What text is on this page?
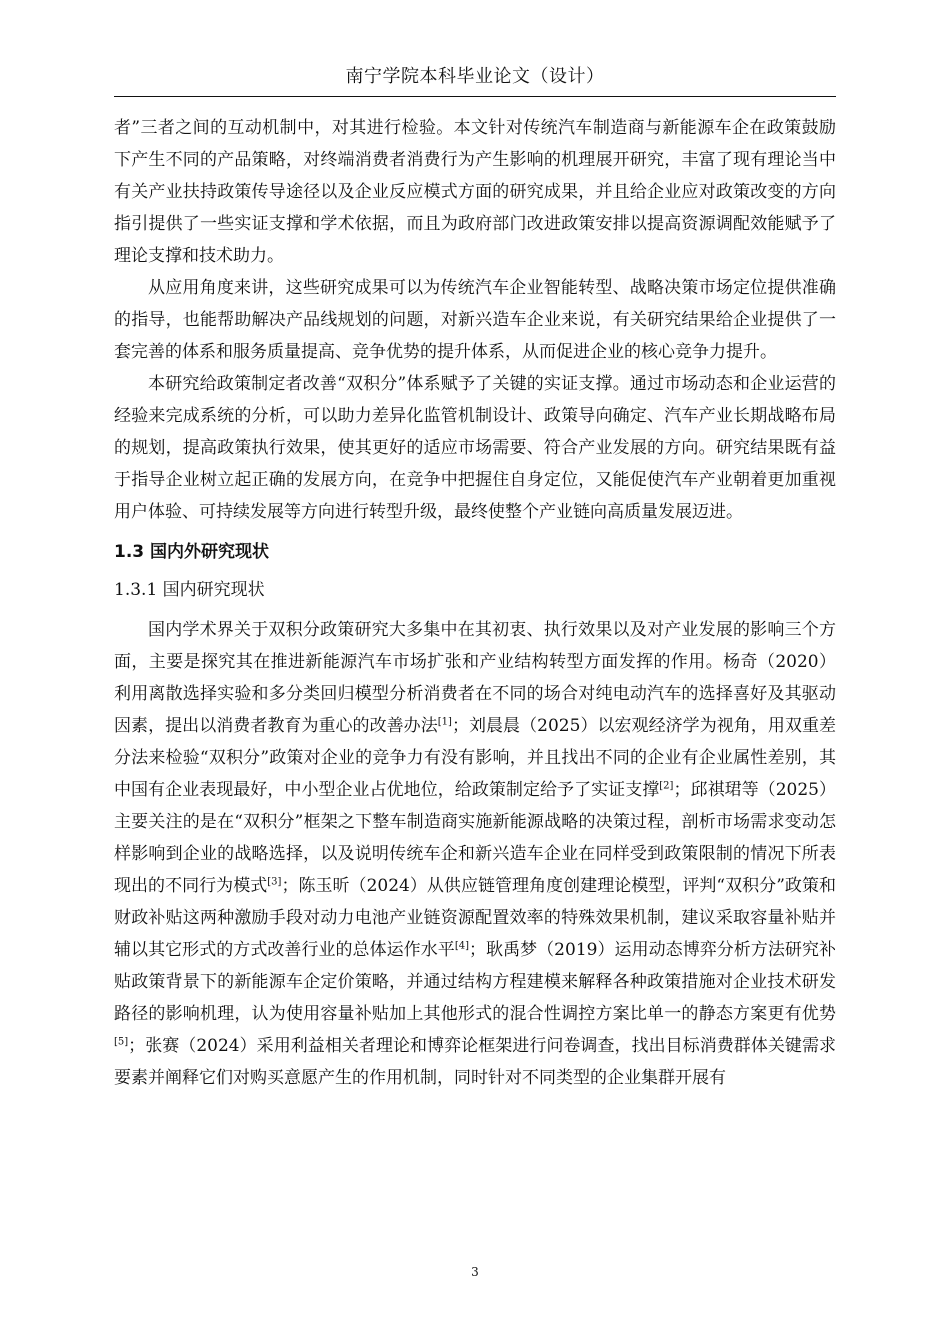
南宁学院本科毕业论文（设计）

者”三者之间的互动机制中，对其进行检验。本文针对传统汽车制造商与新能源车企在政策鼓励下产生不同的产品策略，对终端消费者消费行为产生影响的机理展开研究，丰富了现有理论当中有关产业扶持政策传导途径以及企业反应模式方面的研究成果，并且给企业应对政策改变的方向指引提供了一些实证支撑和学术依据，而且为政府部门改进政策安排以提高资源调配效能赋予了理论支撑和技术助力。

从应用角度来讲，这些研究成果可以为传统汽车企业智能转型、战略决策市场定位提供准确的指导，也能帮助解决产品线规划的问题，对新兴造车企业来说，有关研究结果给企业提供了一套完善的体系和服务质量提高、竞争优势的提升体系，从而促进企业的核心竞争力提升。

本研究给政策制定者改善“双积分”体系赋予了关键的实证支撑。通过市场动态和企业运营的经验来完成系统的分析，可以助力差异化监管机制设计、政策导向确定、汽车产业长期战略布局的规划，提高政策执行效果，使其更好的适应市场需要、符合产业发展的方向。研究结果既有益于指导企业树立起正确的发展方向，在竞争中把握住自身定位，又能促使汽车产业朝着更加重视用户体验、可持续发展等方向进行转型升级，最终使整个产业链向高质量发展迈进。

1.3 国内外研究现状
1.3.1 国内研究现状

国内学术界关于双积分政策研究大多集中在其初衷、执行效果以及对产业发展的影响三个方面，主要是探究其在推进新能源汽车市场扩张和产业结构转型方面发挥的作用。杨奇（2020）利用离散选择实验和多分类回归模型分析消费者在不同的场合对纯电动汽车的选择喜好及其驱动因素，提出以消费者教育为重心的改善办法[1]；刘晨晨（2025）以宏观经济学为视角，用双重差分法来检验“双积分”政策对企业的竞争力有没有影响，并且找出不同的企业有企业属性差别，其中国有企业表现最好，中小型企业占优地位，给政策制定给予了实证支撑[2]；邱祺珺等（2025）主要关注的是在“双积分”框架之下整车制造商实施新能源战略的决策过程，剖析市场需求变动怎样影响到企业的战略选择，以及说明传统车企和新兴造车企业在同样受到政策限制的情况下所表现出的不同行为模式[3]；陈玉昕（2024）从供应链管理角度创建理论模型，评判“双积分”政策和财政补贴这两种激励手段对动力电池产业链资源配置效率的特殊效果机制，建议采取容量补贴并辅以其它形式的方式改善行业的总体运作水平[4]；耿禹梦（2019）运用动态博弈分析方法研究补贴政策背景下的新能源车企定价策略，并通过结构方程建模来解释各种政策措施对企业技术研发路径的影响机理，认为使用容量补贴加上其他形式的混合性调控方案比单一的静态方案更有优势[5]；张赛（2024）采用利益相关者理论和博弈论框架进行问卷调查，找出目标消费群体关键需求要素并阐释它们对购买意愿产生的作用机制，同时针对不同类型的企业集群开展有

3
